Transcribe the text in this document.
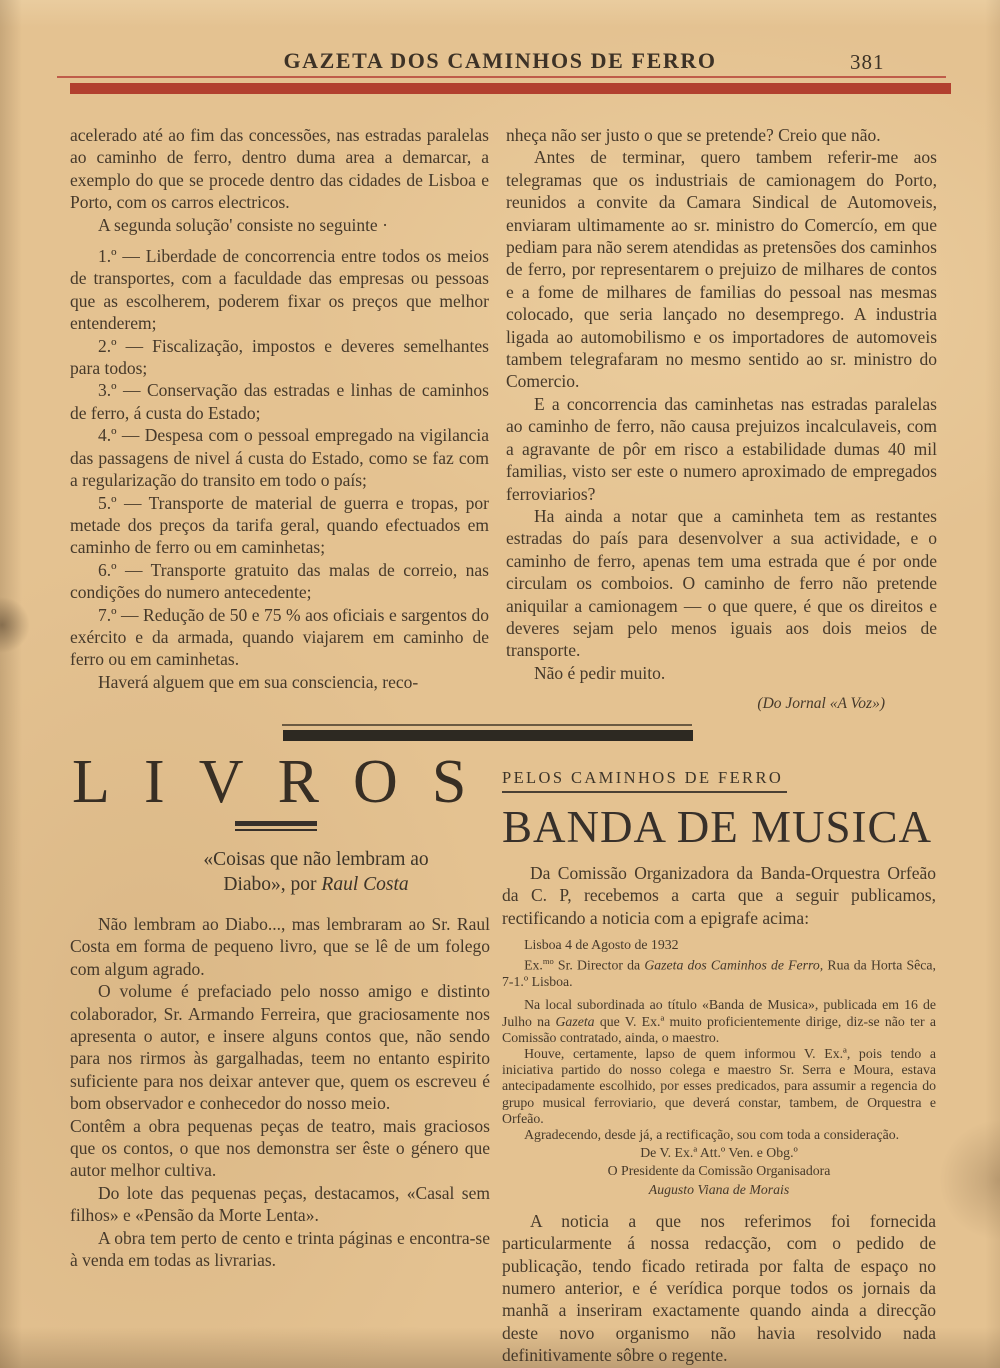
GAZETA DOS CAMINHOS DE FERRO	381

acelerado até ao fim das concessões, nas estradas paralelas ao caminho de ferro, dentro duma area a demarcar, a exemplo do que se procede dentro das cidades de Lisboa e Porto, com os carros electricos.

A segunda solução' consiste no seguinte ·

1.º — Liberdade de concorrencia entre todos os meios de transportes, com a faculdade das empresas ou pessoas que as escolherem, poderem fixar os preços que melhor entenderem;

2.º — Fiscalização, impostos e deveres semelhantes para todos;

3.º — Conservação das estradas e linhas de caminhos de ferro, á custa do Estado;

4.º — Despesa com o pessoal empregado na vigilancia das passagens de nivel á custa do Estado, como se faz com a regularização do transito em todo o país;

5.º — Transporte de material de guerra e tropas, por metade dos preços da tarifa geral, quando efectuados em caminho de ferro ou em caminhetas;

6.º — Transporte gratuito das malas de correio, nas condições do numero antecedente;

7.º — Redução de 50 e 75 % aos oficiais e sargentos do exército e da armada, quando viajarem em caminho de ferro ou em caminhetas.

Haverá alguem que em sua consciencia, reco-

nheça não ser justo o que se pretende? Creio que não.

Antes de terminar, quero tambem referir-me aos telegramas que os industriais de camionagem do Porto, reunidos a convite da Camara Sindical de Automoveis, enviaram ultimamente ao sr. ministro do Comercío, em que pediam para não serem atendidas as pretensões dos caminhos de ferro, por representarem o prejuizo de milhares de contos e a fome de milhares de familias do pessoal nas mesmas colocado, que seria lançado no desemprego. A industria ligada ao automobilismo e os importadores de automoveis tambem telegrafaram no mesmo sentido ao sr. ministro do Comercio.

E a concorrencia das caminhetas nas estradas paralelas ao caminho de ferro, não causa prejuizos incalculaveis, com a agravante de pôr em risco a estabilidade dumas 40 mil familias, visto ser este o numero aproximado de empregados ferroviarios?

Ha ainda a notar que a caminheta tem as restantes estradas do país para desenvolver a sua actividade, e o caminho de ferro, apenas tem uma estrada que é por onde circulam os comboios. O caminho de ferro não pretende aniquilar a camionagem — o que quere, é que os direitos e deveres sejam pelo menos iguais aos dois meios de transporte.

Não é pedir muito.

(Do Jornal «A Voz»)

LIVROS
«Coisas que não lembram ao Diabo», por Raul Costa

Não lembram ao Diabo..., mas lembraram ao Sr. Raul Costa em forma de pequeno livro, que se lê de um folego com algum agrado.

O volume é prefaciado pelo nosso amigo e distinto colaborador, Sr. Armando Ferreira, que graciosamente nos apresenta o autor, e insere alguns contos que, não sendo para nos rirmos às gargalhadas, teem no entanto espirito suficiente para nos deixar antever que, quem os escreveu é bom observador e conhecedor do nosso meio.

Contêm a obra pequenas peças de teatro, mais graciosos que os contos, o que nos demonstra ser êste o género que autor melhor cultiva.

Do lote das pequenas peças, destacamos, «Casal sem filhos» e «Pensão da Morte Lenta».

A obra tem perto de cento e trinta páginas e encontra-se à venda em todas as livrarias.

PELOS CAMINHOS DE FERRO

BANDA DE MUSICA

Da Comissão Organizadora da Banda-Orquestra Orfeão da C. P, recebemos a carta que a seguir publicamos, rectificando a noticia com a epigrafe acima:

Lisboa 4 de Agosto de 1932

Ex.$^{mo}$ Sr. Director da Gazeta dos Caminhos de Ferro, Rua da Horta Sêca, 7-1.º Lisboa.

Na local subordinada ao título «Banda de Musica», publicada em 16 de Julho na Gazeta que V. Ex.ª muito proficientemente dirige, diz-se não ter a Comissão contratado, ainda, o maestro.

Houve, certamente, lapso de quem informou V. Ex.ª, pois tendo a iniciativa partido do nosso colega e maestro Sr. Serra e Moura, estava antecipadamente escolhido, por esses predicados, para assumir a regencia do grupo musical ferroviario, que deverá constar, tambem, de Orquestra e Orfeão.

Agradecendo, desde já, a rectificação, sou com toda a consideração.

De V. Ex.ª Att.º Ven. e Obg.º

O Presidente da Comissão Organisadora

Augusto Viana de Morais

A noticia a que nos referimos foi fornecida particularmente á nossa redacção, com o pedido de publicação, tendo ficado retirada por falta de espaço no numero anterior, e é verídica porque todos os jornais da manhã a inseriram exactamente quando ainda a direcção deste novo organismo não havia resolvido nada definitivamente sôbre o regente.
